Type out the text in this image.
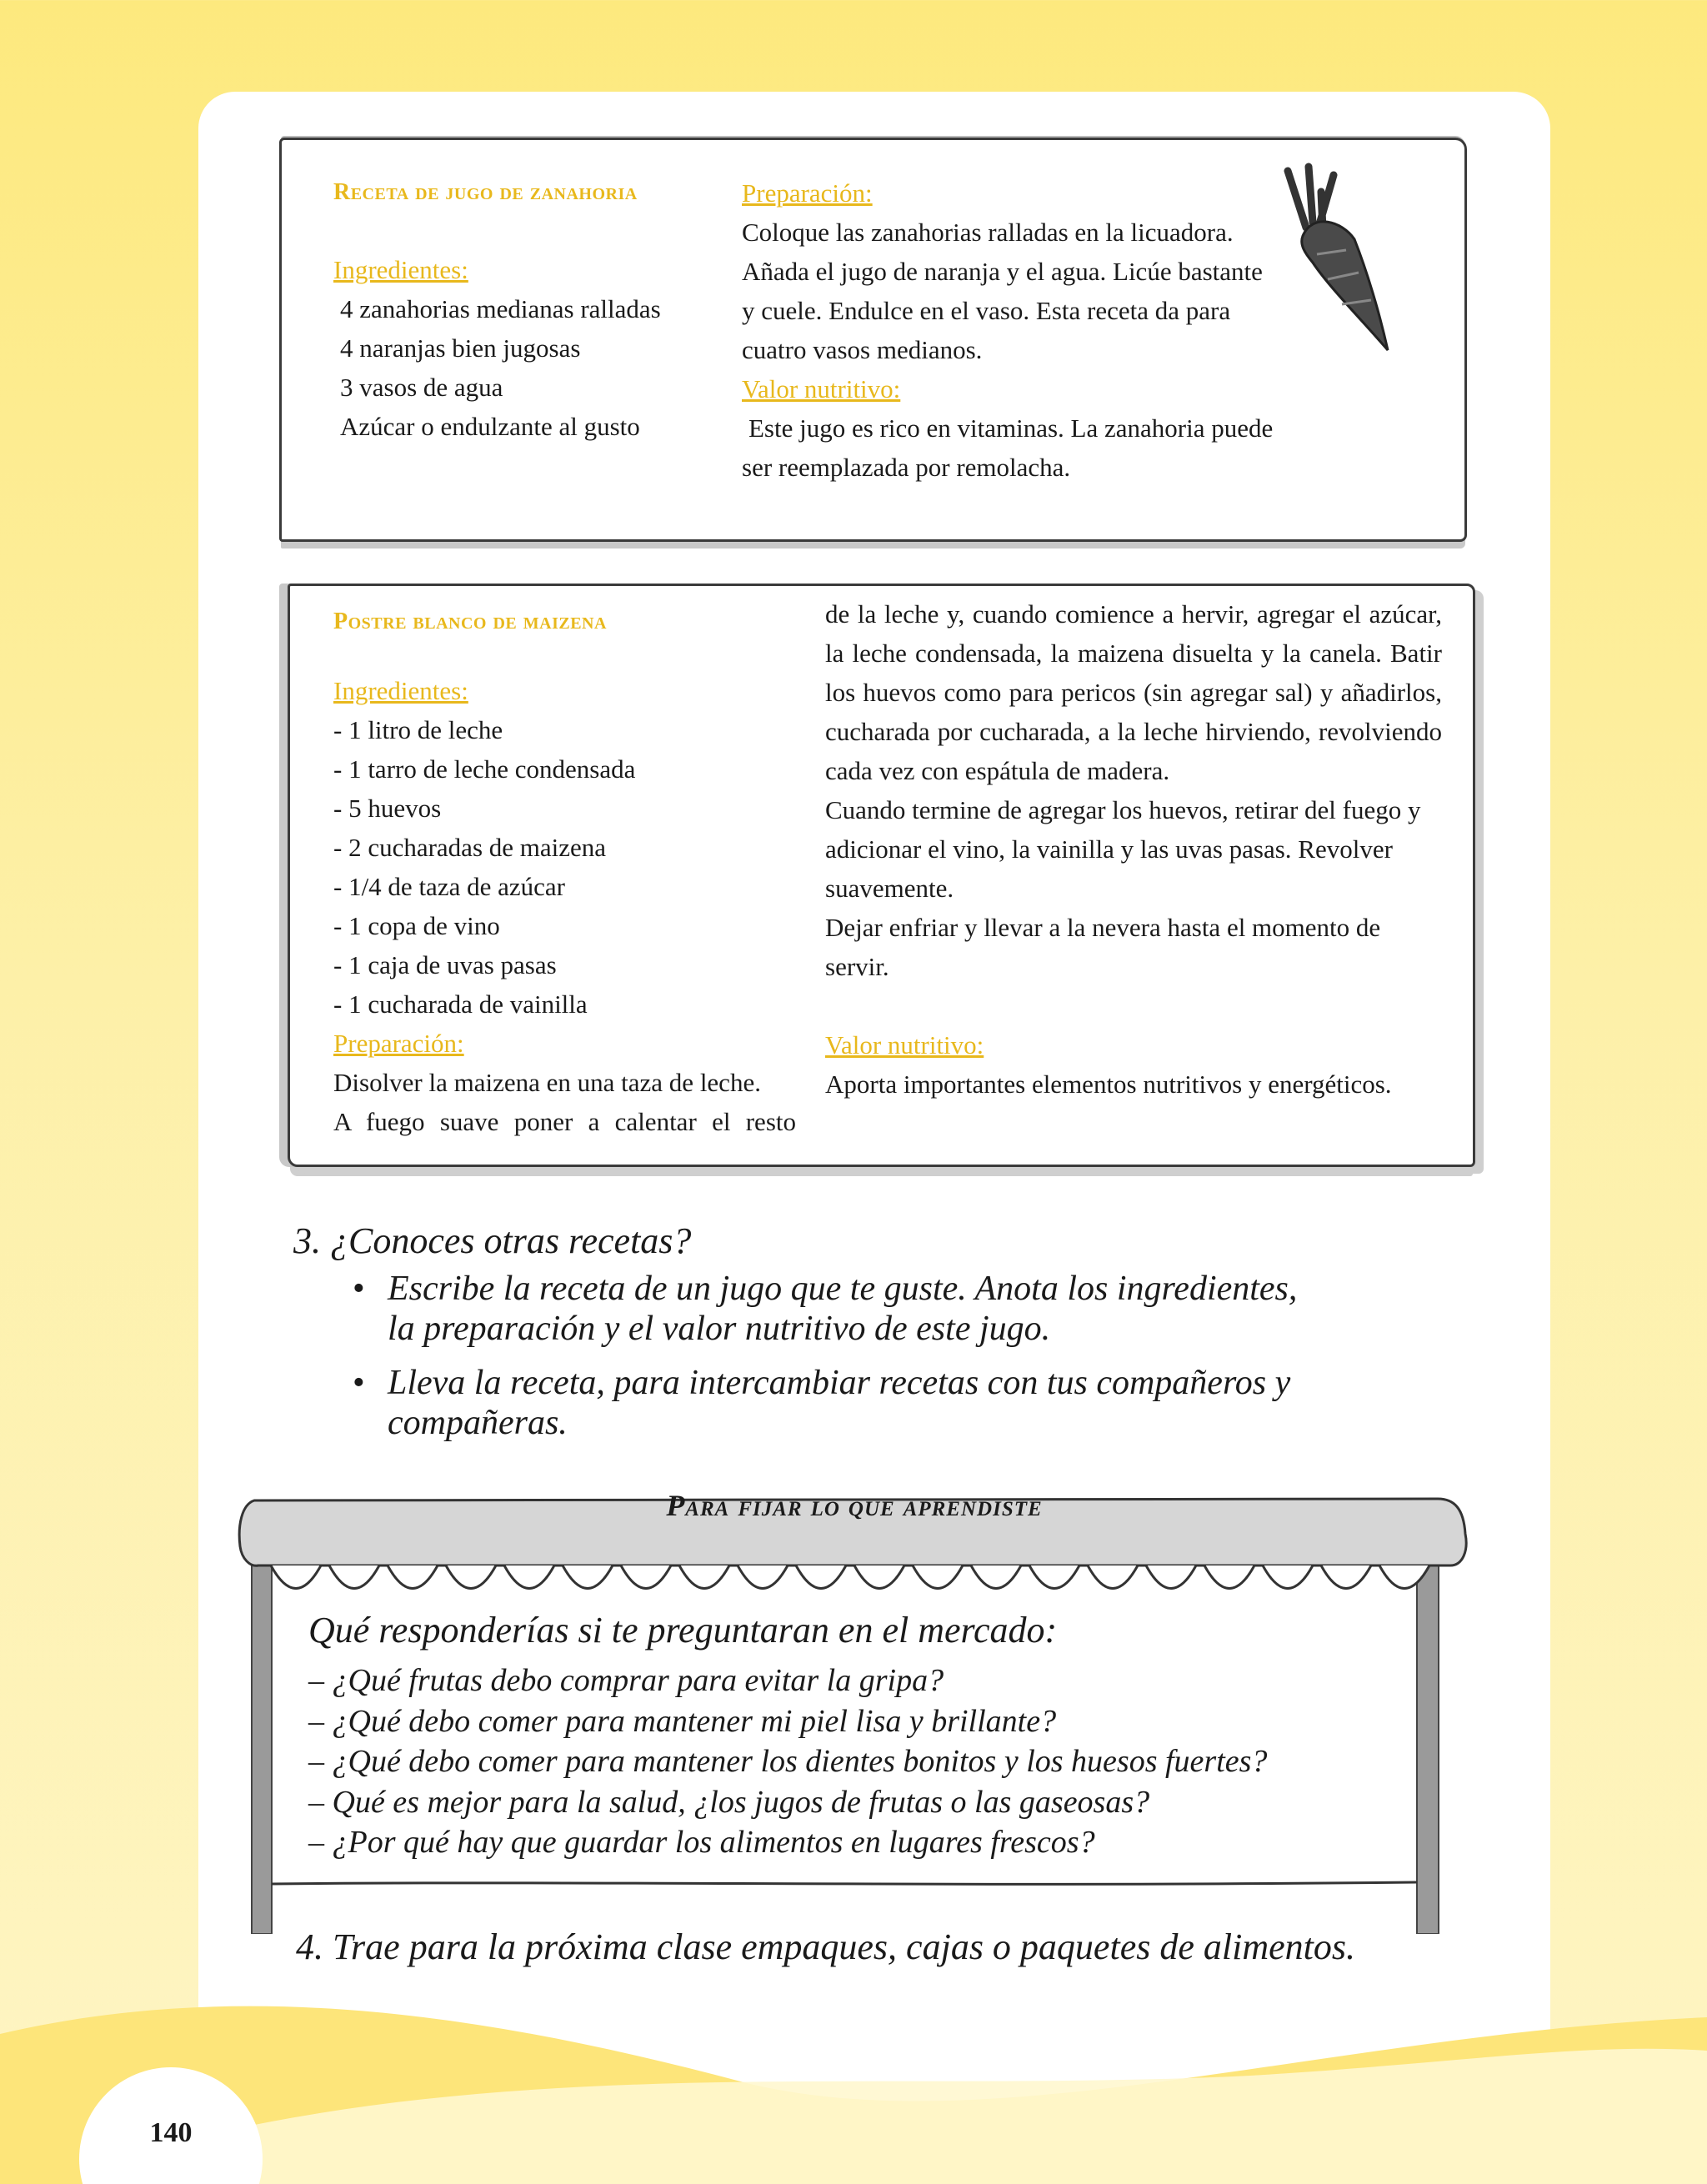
140
Receta de jugo de zanahoria
Ingredientes:
4 zanahorias medianas ralladas
4 naranjas bien jugosas
3 vasos de agua
Azúcar o endulzante al gusto
Preparación:
Coloque las zanahorias ralladas en la licuadora.
Añada el jugo de naranja y el agua. Licúe bastante
y cuele. Endulce en el vaso. Esta receta da para
cuatro vasos medianos.
Valor nutritivo:
Este jugo es rico en vitaminas. La zanahoria puede
ser reemplazada por remolacha.
Postre blanco de maizena
Ingredientes:
- 1 litro de leche
- 1 tarro de leche condensada
- 5 huevos
- 2 cucharadas de maizena
- 1/4 de taza de azúcar
- 1 copa de vino
- 1 caja de uvas pasas
- 1 cucharada de vainilla
Preparación:
Disolver la maizena en una taza de leche.
A fuego suave poner a calentar el resto
de la leche y, cuando comience a hervir, agregar el azúcar, la leche condensada, la maizena disuelta y la canela. Batir los huevos como para pericos (sin agregar sal) y añadirlos, cucharada por cucharada, a la leche hirviendo, revolviendo cada vez con espátula de madera.
Cuando termine de agregar los huevos, retirar del fuego y adicionar el vino, la vainilla y las uvas pasas. Revolver suavemente.
Dejar enfriar y llevar a la nevera hasta el momento de servir.
Valor nutritivo:
Aporta importantes elementos nutritivos y energéticos.
3. ¿Conoces otras recetas?
• Escribe la receta de un jugo que te guste. Anota los ingredientes,
la preparación y el valor nutritivo de este jugo.
• Lleva la receta, para intercambiar recetas con tus compañeros y
compañeras.
Para fijar lo que aprendiste
Qué responderías si te preguntaran en el mercado:
– ¿Qué frutas debo comprar para evitar la gripa?
– ¿Qué debo comer para mantener mi piel lisa y brillante?
– ¿Qué debo comer para mantener los dientes bonitos y los huesos fuertes?
– Qué es mejor para la salud, ¿los jugos de frutas o las gaseosas?
– ¿Por qué hay que guardar los alimentos en lugares frescos?
4. Trae para la próxima clase empaques, cajas o paquetes de alimentos.
